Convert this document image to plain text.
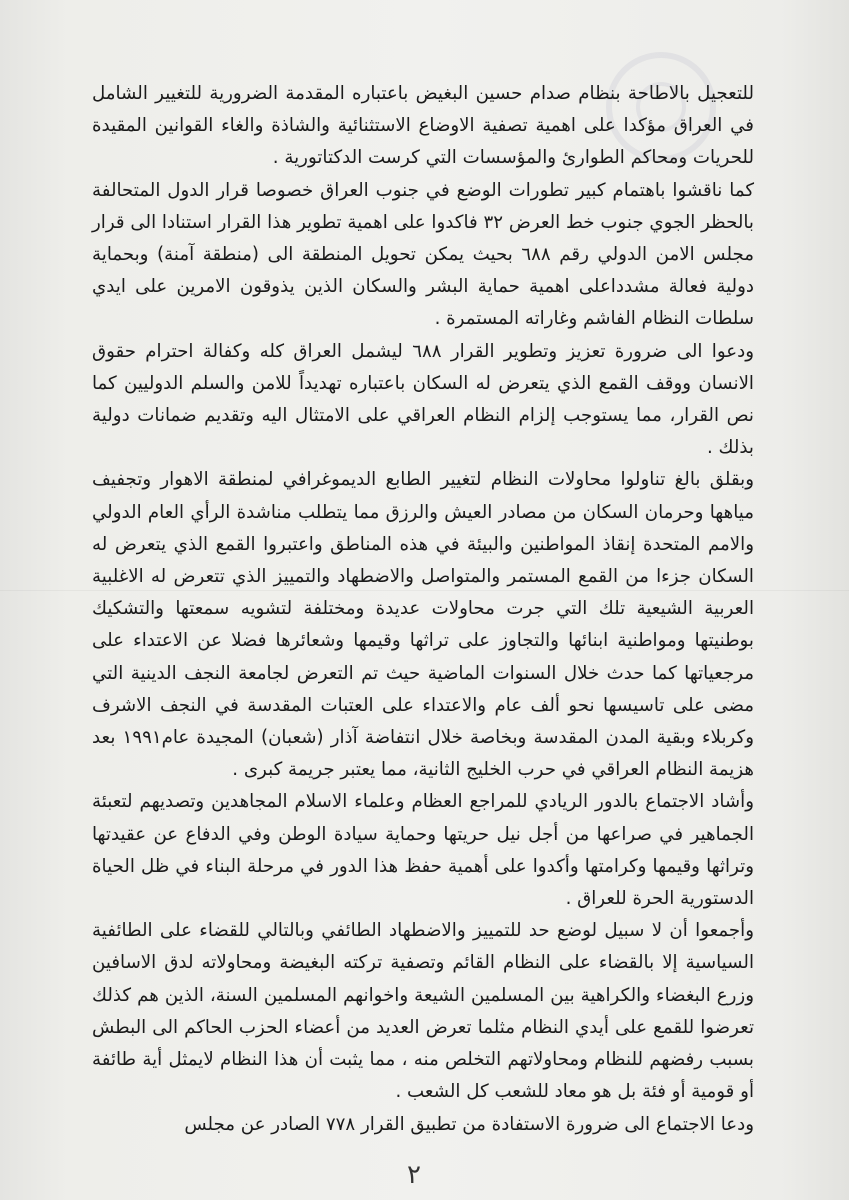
للتعجيل بالاطاحة بنظام صدام حسين البغيض باعتباره المقدمة الضرورية للتغيير الشامل في العراق مؤكدا على اهمية تصفية الاوضاع الاستثنائية والشاذة والغاء القوانين المقيدة للحريات ومحاكم الطوارئ والمؤسسات التي كرست الدكتاتورية .

كما ناقشوا باهتمام كبير تطورات الوضع في جنوب العراق خصوصا قرار الدول المتحالفة بالحظر الجوي جنوب خط العرض ٣٢ فاكدوا على اهمية تطوير هذا القرار استنادا الى قرار مجلس الامن الدولي رقم ٦٨٨ بحيث يمكن تحويل المنطقة الى (منطقة آمنة) وبحماية دولية فعالة مشدداعلى اهمية حماية البشر والسكان الذين يذوقون الامرين على ايدي سلطات النظام الفاشم وغاراته المستمرة .

ودعوا الى ضرورة تعزيز وتطوير القرار ٦٨٨ ليشمل العراق كله وكفالة احترام حقوق الانسان ووقف القمع الذي يتعرض له السكان باعتباره تهديداً للامن والسلم الدوليين كما نص القرار، مما يستوجب إلزام النظام العراقي على الامتثال اليه وتقديم ضمانات دولية بذلك .

وبقلق بالغ تناولوا محاولات النظام لتغيير الطابع الديموغرافي لمنطقة الاهوار وتجفيف مياهها وحرمان السكان من مصادر العيش والرزق مما يتطلب مناشدة الرأي العام الدولي والامم المتحدة إنقاذ المواطنين والبيئة في هذه المناطق واعتبروا القمع الذي يتعرض له السكان جزءا من القمع المستمر والمتواصل والاضطهاد والتمييز الذي تتعرض له الاغلبية العربية الشيعية تلك التي جرت محاولات عديدة ومختلفة لتشويه سمعتها والتشكيك بوطنيتها ومواطنية ابنائها والتجاوز على تراثها وقيمها وشعائرها فضلا عن الاعتداء على مرجعياتها كما حدث خلال السنوات الماضية حيث تم التعرض لجامعة النجف الدينية التي مضى على تاسيسها نحو ألف عام والاعتداء على العتبات المقدسة في النجف الاشرف وكربلاء وبقية المدن المقدسة وبخاصة خلال انتفاضة آذار (شعبان) المجيدة عام١٩٩١ بعد هزيمة النظام العراقي في حرب الخليج الثانية، مما يعتبر جريمة كبرى .

وأشاد الاجتماع بالدور الريادي للمراجع العظام وعلماء الاسلام المجاهدين وتصديهم لتعبئة الجماهير في صراعها من أجل نيل حريتها وحماية سيادة الوطن وفي الدفاع عن عقيدتها وتراثها وقيمها وكرامتها وأكدوا على أهمية حفظ هذا الدور في مرحلة البناء في ظل الحياة الدستورية الحرة للعراق .

وأجمعوا أن لا سبيل لوضع حد للتمييز والاضطهاد الطائفي وبالتالي للقضاء على الطائفية السياسية إلا بالقضاء على النظام القائم وتصفية تركته البغيضة ومحاولاته لدق الاسافين وزرع البغضاء والكراهية بين المسلمين الشيعة واخوانهم المسلمين السنة، الذين هم كذلك تعرضوا للقمع على أيدي النظام مثلما تعرض العديد من أعضاء الحزب الحاكم الى البطش بسبب رفضهم للنظام ومحاولاتهم التخلص منه ، مما يثبت أن هذا النظام لايمثل أية طائفة أو قومية أو فئة بل هو معاد للشعب كل الشعب .

ودعا الاجتماع الى ضرورة الاستفادة من تطبيق القرار ٧٧٨ الصادر عن مجلس

٢
